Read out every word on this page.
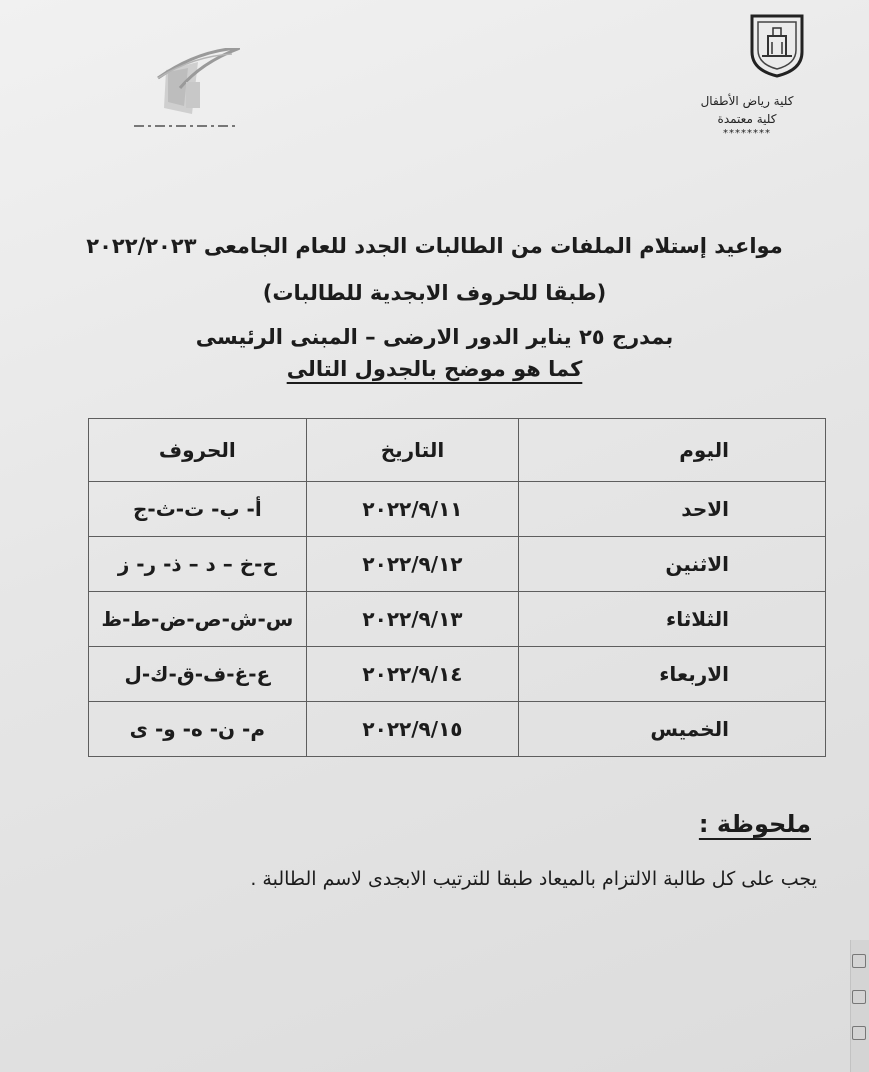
كلية رياض الأطفال
كلية معتمدة
********
مواعيد إستلام الملفات من الطالبات الجدد للعام الجامعى ٢٠٢٢/٢٠٢٣
(طبقا للحروف الابجدية للطالبات)
بمدرج ٢٥ يناير الدور الارضى – المبنى الرئيسى
كما هو موضح بالجدول التالى
اليوم	التاريخ	الحروف
الاحد	٢٠٢٢/٩/١١	أ- ب- ت-ث-ج
الاثنين	٢٠٢٢/٩/١٢	ح-خ – د – ذ- ر- ز
الثلاثاء	٢٠٢٢/٩/١٣	س-ش-ص-ض-ط-ظ
الاربعاء	٢٠٢٢/٩/١٤	ع-غ-ف-ق-ك-ل
الخميس	٢٠٢٢/٩/١٥	م- ن- ه- و- ى
ملحوظة :
يجب على كل طالبة الالتزام بالميعاد طبقا للترتيب الابجدى لاسم الطالبة .
